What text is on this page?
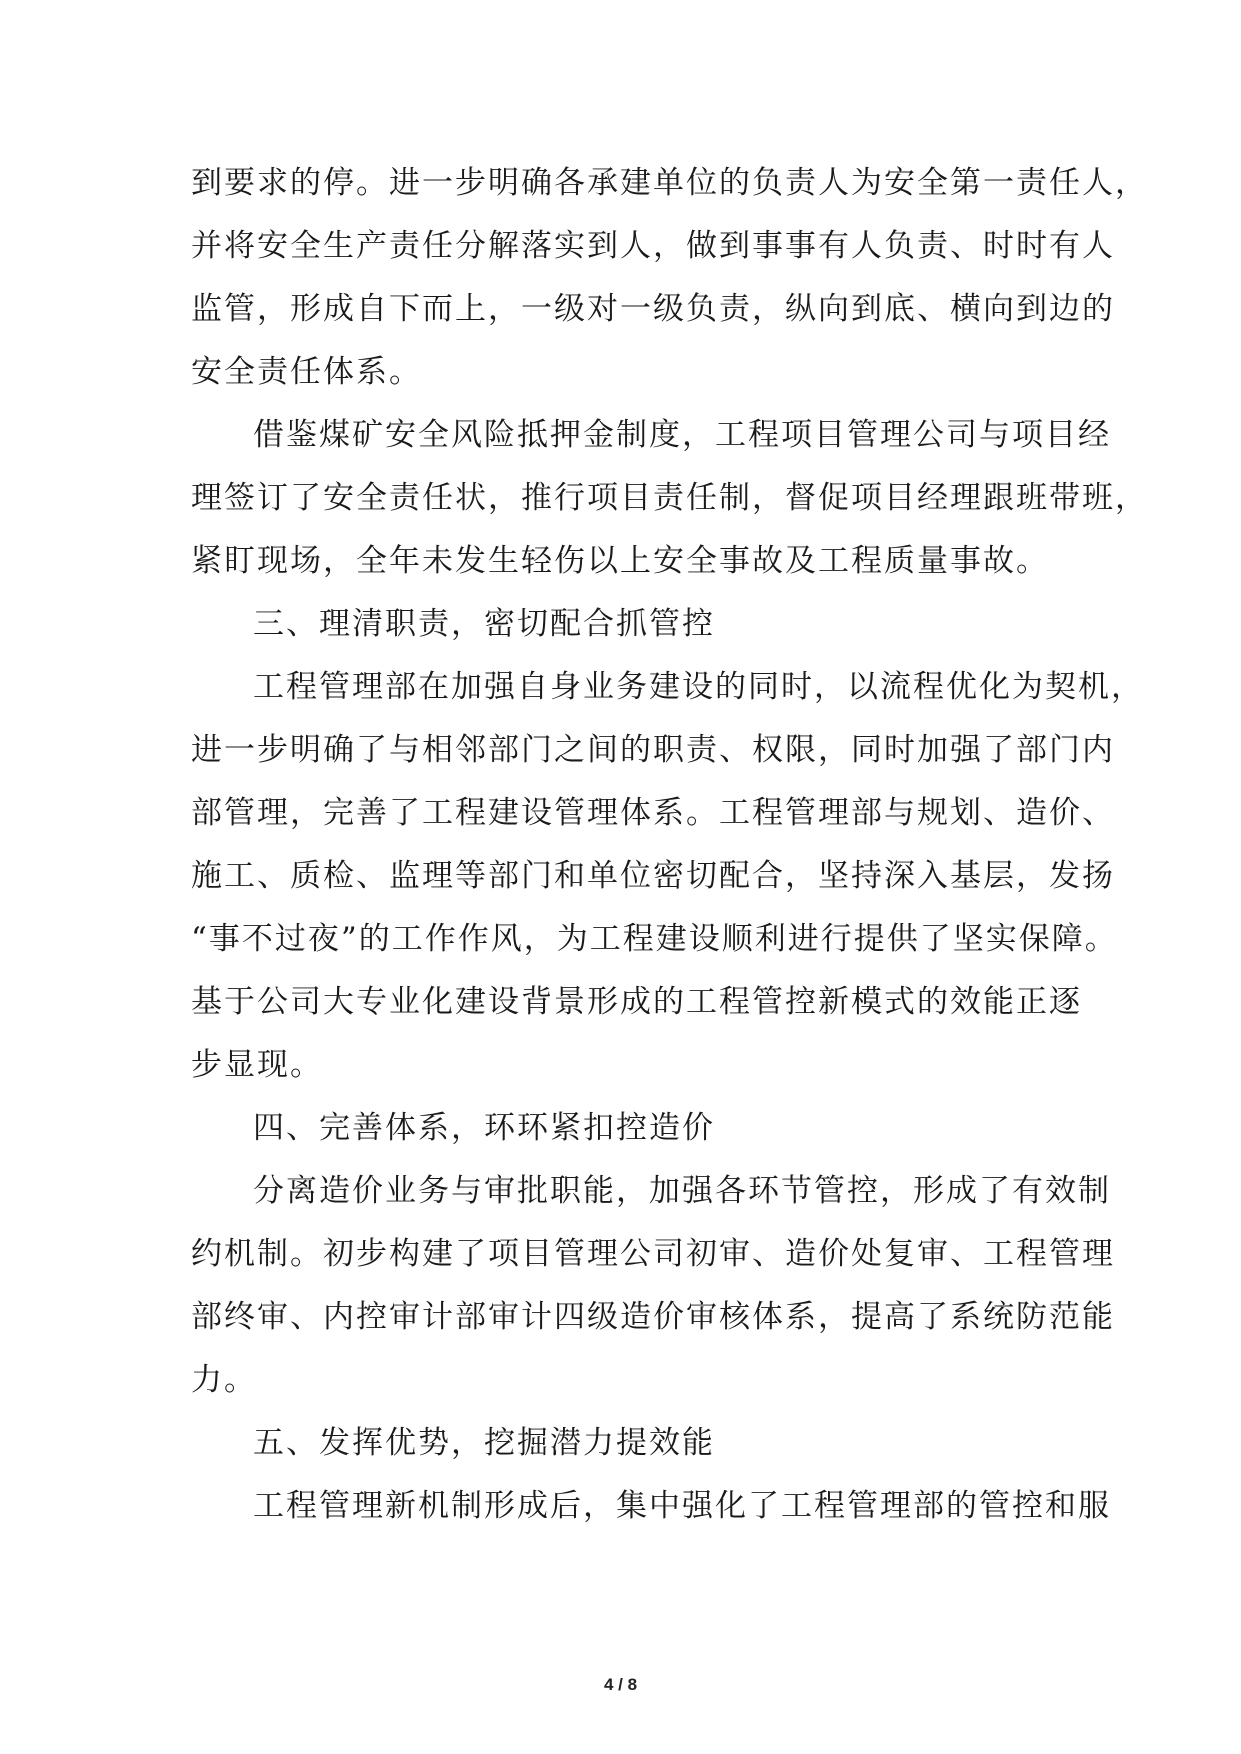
到要求的停。进一步明确各承建单位的负责人为安全第一责任人，
并将安全生产责任分解落实到人，做到事事有人负责、时时有人
监管，形成自下而上，一级对一级负责，纵向到底、横向到边的
安全责任体系。
借鉴煤矿安全风险抵押金制度，工程项目管理公司与项目经
理签订了安全责任状，推行项目责任制，督促项目经理跟班带班，
紧盯现场，全年未发生轻伤以上安全事故及工程质量事故。
三、理清职责，密切配合抓管控
工程管理部在加强自身业务建设的同时，以流程优化为契机，
进一步明确了与相邻部门之间的职责、权限，同时加强了部门内
部管理，完善了工程建设管理体系。工程管理部与规划、造价、
施工、质检、监理等部门和单位密切配合，坚持深入基层，发扬
“事不过夜”的工作作风，为工程建设顺利进行提供了坚实保障。
基于公司大专业化建设背景形成的工程管控新模式的效能正逐
步显现。
四、完善体系，环环紧扣控造价
分离造价业务与审批职能，加强各环节管控，形成了有效制
约机制。初步构建了项目管理公司初审、造价处复审、工程管理
部终审、内控审计部审计四级造价审核体系，提高了系统防范能
力。
五、发挥优势，挖掘潜力提效能
工程管理新机制形成后，集中强化了工程管理部的管控和服
4 / 8
